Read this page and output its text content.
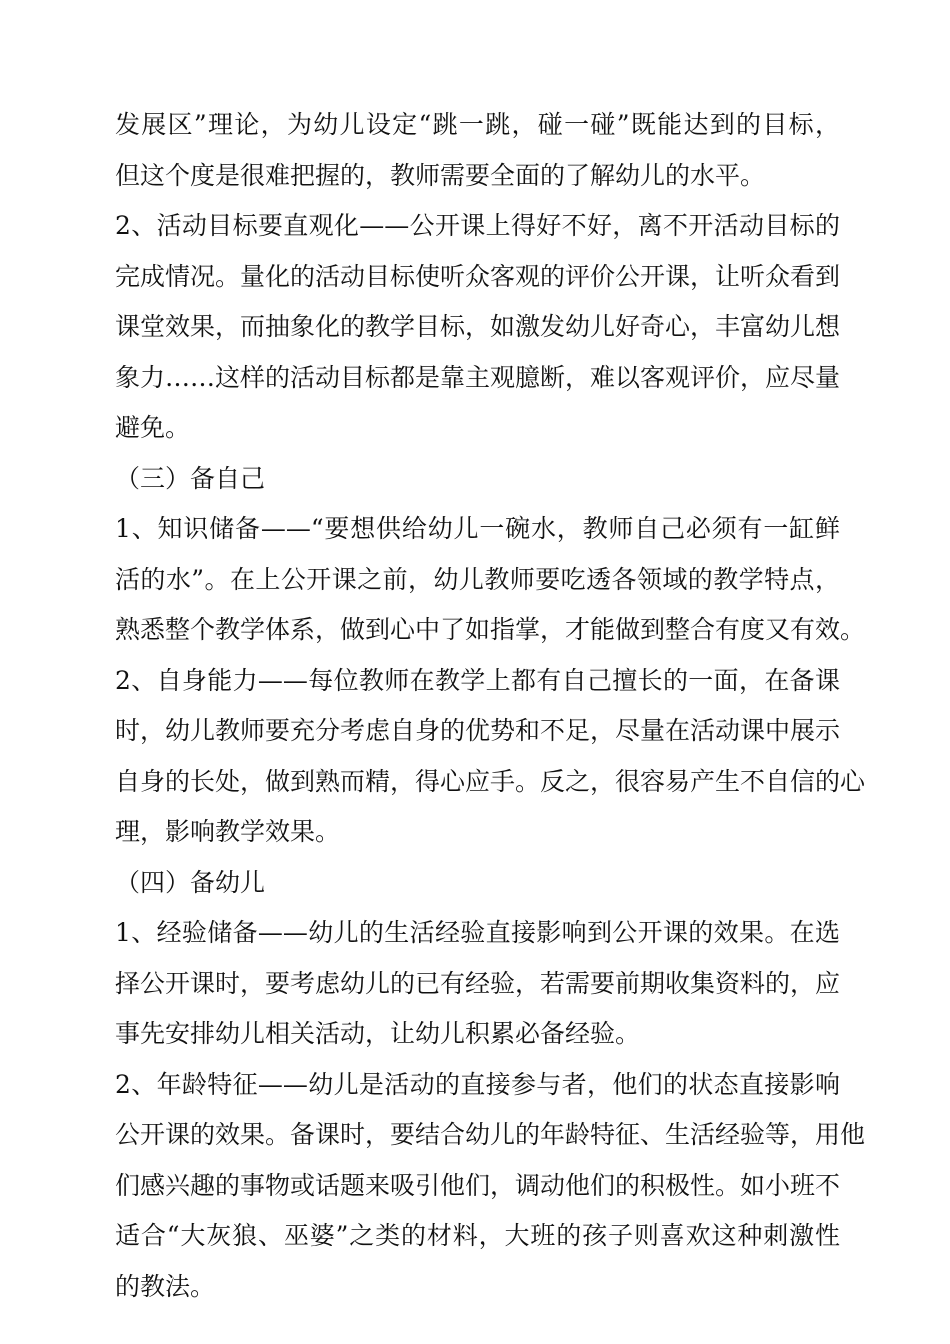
发展区”理论，为幼儿设定“跳一跳，碰一碰”既能达到的目标，
但这个度是很难把握的，教师需要全面的了解幼儿的水平。
2、活动目标要直观化——公开课上得好不好，离不开活动目标的
完成情况。量化的活动目标使听众客观的评价公开课，让听众看到
课堂效果，而抽象化的教学目标，如激发幼儿好奇心，丰富幼儿想
象力……这样的活动目标都是靠主观臆断，难以客观评价，应尽量
避免。
（三）备自己
1、知识储备——“要想供给幼儿一碗水，教师自己必须有一缸鲜
活的水”。在上公开课之前，幼儿教师要吃透各领域的教学特点，
熟悉整个教学体系，做到心中了如指掌，才能做到整合有度又有效。
2、自身能力——每位教师在教学上都有自己擅长的一面，在备课
时，幼儿教师要充分考虑自身的优势和不足，尽量在活动课中展示
自身的长处，做到熟而精，得心应手。反之，很容易产生不自信的心
理，影响教学效果。
（四）备幼儿
1、经验储备——幼儿的生活经验直接影响到公开课的效果。在选
择公开课时，要考虑幼儿的已有经验，若需要前期收集资料的，应
事先安排幼儿相关活动，让幼儿积累必备经验。
2、年龄特征——幼儿是活动的直接参与者，他们的状态直接影响
公开课的效果。备课时，要结合幼儿的年龄特征、生活经验等，用他
们感兴趣的事物或话题来吸引他们，调动他们的积极性。如小班不
适合“大灰狼、巫婆”之类的材料，大班的孩子则喜欢这种刺激性
的教法。
